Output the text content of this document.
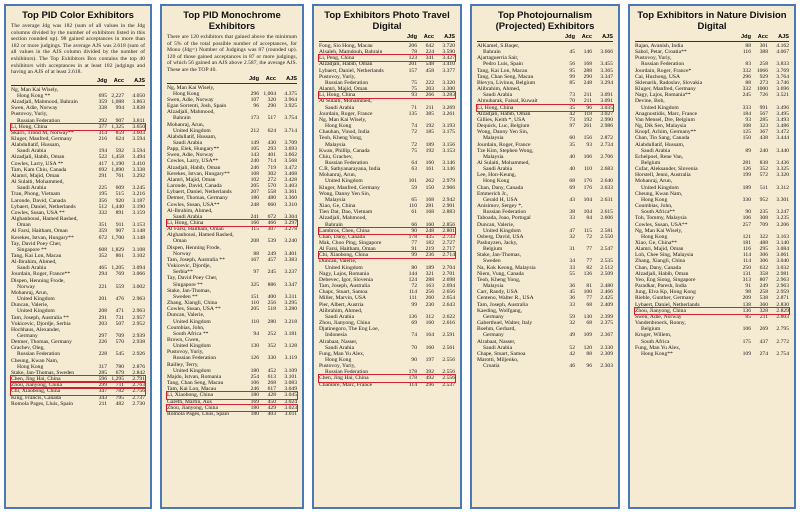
Top PID Color Exhibitors
The average Jdg was 182 (sum of all values in the Jdg columns divided by the number of exhibitors listed in this section rounded up). 98 gained acceptances in more than 182 or more judgings. The average AJS was 2.618 (sum of all values in the AJS column divided by the number of exhibitors). The Top Exhibitors Box contains the top 40 exhibitors with acceptances in at least 182 judgings and having an AJS of at least 2.618.
Jdg	Acc	AJS
Ng, Man Kai Wisely,
Hong Kong **	695 2,227	4.050
Alzadjali, Mahmood, Bahrain	359 1,088	3.863
Swen, Adie, Norway	338	994	3.838
Pustovoy, Yuriy,
Russian Federation	292	907	3.811
Li, Hong, China	377 1,325	3.650
Skarri, Trond M, Norway**	314	859	3.603
Kluger, Manfred, Germany	216	624	3.594
Alabdullatif, Hussam,
Saudi Arabia	194	592	3.594
Alzadjali, Habib, Oman	522 1,458	3.494
Cowles, Larry, USA **	417 1,190	3.410
Tam, Kam Chiu, Canada	692 1,890	3.338
Alamri, Majid, Oman	291	761	3.292
Al Sulaiti, Mohammed,
Saudi Arabia	225	609	3.245
Tran, Phong, Vietnam	195	515	3.216
Laronde, David, Canada	356	920	3.187
Lybaert, Daniel, Netherlands	512 1,440	3.190
Cowles, Susan, USA **	332	891	3.159
Alghanbousi, Hamed Rashed,
Oman	351	911	3.153
Al Farsi, Haitham, Oman	359	907	3.148
Kerekes, Istvan, Hungary**	672 1,700	3.148
Tay, David Poey Cher,
Singapore **	608 1,829	3.108
Tang, Kai Lon, Macau	352	861	3.102
Al-Ibrahim, Ahmed,
Saudi Arabia	465 1,205	3.094
Jourdain, Roger, France**	294	769	3.066
Dispen, Henning Frode,
Norway	221	559	3.002
Mohanraj, Arun,
United Kingdom	201	476	2.963
Duncan, Valerie,
United Kingdom	208	471	2.963
Tam, Joseph, Australia **	291	731	2.957
Vukicevic, Djordje, Serbia	203	507	2.952
Hochhaus, Alexander,
Germany	297	709	2.939
Detmer, Thomas, Germany	226	570	2.938
Grachev, Oleg,
Russian Federation	228	545	2.926
Cheung, Kwan Nam,
Hong Kong	317	780	2.876
Stake, Jan-Thomas, Sweden	285	679	2.842
Chen, Jing Hai, China	596 1,295	2.791
Zhou, Jianyong, China	299	711	2.763
Chi, Xiaobong, China	347	782	2.756
King, Francis, Canada	343	795	2.737
Romola Pages, Lluis, Spain	211	482	2.730
Top PID Monochrome Exhibitors
There are 120 exhibitors that gained above the minimum of 5% of the total possible number of acceptances, for Mono (Jdg=) Number of Judgings was 87 (rounded up). 120 of those gained acceptances in 87 or more judgings, of which 56 gained an AJS above 2.587, the average AJS. These are the TOP 40.
Jdg	Acc	AJS
Ng, Man Kai Wisely,
Hong Kong	296 1,004	4.375
Swen, Adie, Norway	107	320	3.964
Egan Sorrenti, Josh, Spain	96	290	3.925
Alzadjali, Mahmood,
Bahrain	173	517	3.754
Mohanraj, Arun,
United Kingdom	212	624	3.714
Alabdullatif, Hussam,
Saudi Arabia	149	430	3.709
Papp, Elek, Hungary**	105	293	3.693
Swen, Adie, Norway	143	401	3.662
Cowles, Larry, USA**	240	714	3.568
Alzadjali, Habib, Oman	246	719	3.472
Kerekes, Istvan, Hungary**	108	302	3.468
Alamri, Majid, Oman	102	272	3.428
Laronde, David, Canada	205	570	3.403
Lybaert, Daniel, Netherlands	207	558	3.361
Detmer, Thomas, Germany	180	480	3.360
Cowles, Susan, USA**	248	660	3.310
Al-Ibrahim, Ahmed,
Saudi Arabia	241	672	3.304
Li, Hong, China	166	466	3.297
Al Farsi, Haitham, Oman	115	307	3.278
Alghanbousi, Hamed Rashed,
Oman	208	539	3.240
Dispen, Henning Frode,
Norway	88	249	3.401
Tam, Joseph, Australia **	167	457	3.383
Vukicevic, Djordje,
Serbia**	97	245	3.237
Tay, David Poey Cher,
Singapore **	325	886	3.347
Stake, Jan-Thomas,
Sweden **	151	400	3.311
Zhang, Xiangli, China	110	256	3.295
Cowles, Susan, USA **	205	518	3.280
Duncan, Valerie,
United Kingdom	110	280	3.218
Coumbias, John,
South Africa **	94	252	3.181
Brown, Gwen,
United Kingdom	130	352	3.128
Pustovoy, Yuriy,
Russian Federation	126	330	3.119
Railley, Terry,
United Kingdom	180	452	3.109
Majdo, Istvan, Romania	254	613	3.101
Tang, Chan Seng, Macau	106	268	3.083
Tam, Kai Lon, Macau	246	617	3.049
Li, Xiaobong, China	180	428	3.045
Gareth, Martin, Aus	169	450	3.024
Zhou, Jianyong, China	180	429	3.023
Romola Pages, Lluis, Spain	180	403	3.011
Top Exhibitors Photo Travel Digital
Jdg	Acc	AJS
Fong, Sio Hong, Macau	206	642	3.720
Alsaleh, Mamdouh, Bahrain	78	224	3.590
Li, Peng, China	123	341	3.427
Alzadjali, Habib, Oman	201	548	3.410
Lybaert, Daniel, Netherlands	157	458	3.377
Pustovoy, Yuriy,
Russian Federation	75	222	3.320
Alamri, Majid, Oman	75	203	3.300
Li, Hong, China	93	266	3.283
Al Sulaiti, Mohammed,
Saudi Arabia	71	211	3.269
Jourdain, Roger, France	135	385	3.261
Ng, Man Kai Wisely,
Hong Kong	74	192	3.193
Chauhan, Vinod, India	72	185	3.175
Teoh, Kheng Yong,
Malaysia	72	189	3.156
Kwan, Phillip, Canada	75	192	3.153
Chiu, Grachev,
Russian Federation	64	160	3.146
C.R, Sathyanarayana, India	63	161	3.146
Mohanraj, Arun,
United Kingdom	101	262	2.979
Kluger, Manfred, Germany	59	150	2.966
Wong, Danny Yen Sin,
Malaysia	65	168	2.942
Xiao, Ge, China	110	281	2.901
Tien Dat, Dao, Vietnam	61	168	2.883
Alzadjali, Mahmood,
Bahrain	66	160	2.856
Lambros, Chen, China	90	248	2.801
Chan, Dany, Canada	178	435	2.733
Mak, Choo Ping, Singapore	77	182	2.727
Al Farsi, Haitham, Oman	91	219	2.717
Chi, Xiaobong, China	99	236	2.714
Duncan, Valerie,
United Kingdom	80	189	2.704
Nagy, Lajos, Romania	144	321	2.701
Debevec, Igor, Slovenia	124	288	2.698
Tam, Joseph, Australia	72	163	2.694
Chapc, Stuart, Samoa	114	256	2.656
Miller, Marvin, USA	111	260	2.654
Pier, Albert, Austria	99	230	2.643
Alibrahim, Ahmed,
Saudi Arabia	136	312	2.622
Zhou, Jianyong, China	69	160	2.616
Djatinegoro, The Eng Loe,
Indonesia	74	164	2.591
Alrabaat, Nasser,
Saudi Arabia	70	160	2.561
Fung, Man Yu Alex,
Hong Kong	90	197	2.556
Pustovoy, Yuriy,
Russian Federation	178	392	2.556
Chen, Jing Hai, China	178	492	2.556
Chambre, Marc, France	114	296	2.537
Top Photojournalism (Projected) Exhibitors
Jdg	Acc	AJS
AlKamel, S.Baqer,
Bahrain	45	146	3.666
Ajartaguerria Sair,
Pedro Luis, Spain	56	168	3.455
Tang, Kai Lon, Macau	95	288	3.365
Tang, Chan Seng, Macau	99	290	3.347
Blevyn, Livinus, Belgium	85	248	3.294
Alibrahim, Ahmed,
Saudi Arabia	73	211	3.091
Almubarak, Faisal, Kuwait	70	211	3.091
Li, Hong, China	35	96	3.035
Alzadjali, Habib, Oman	42	118	3.027
Gillies, Keith *, USA	73	192	2.990
Dequick, Luc, Belgium	97	261	2.986
Wong, Danny Yen Sin,
Malaysia	60	156	2.872
Jourdain, Roger, France	35	93	2.734
Tze Kim, Stephen Wong,
Malaysia	40	106	2.706
Al Sulaiti, Mohammed,
Saudi Arabia	40	110	2.683
Lee, Hon-Keung,
Hong Kong	68	176	2.640
Chan, Dany, Canada	69	176	2.633
Emmerich Jr.,
Gerald H, USA	43	104	2.631
Anisimov, Sergey *,
Russian Federation	38	104	2.615
Taboada, Joao, Portugal	33	84	2.606
Duncan, Valerie,
United Kingdom	47	115	2.581
Osberg, David, USA	32	72	2.550
Pashuyzen, Jacky,
Belgium	31	77	2.547
Stake, Jan-Thomas,
Sweden	34	77	2.535
Na, Kok Keong, Malaysia	33	82	2.512
Niem, Vung, Canada	55	136	2.509
Teoh, Kheng Yong,
Malaysia	36	81	2.480
Carr, Randy, USA	45	100	2.466
Centeno, Walter R., USA	36	77	2.425
Tam, Joseph, Australia	33	68	2.409
Kaeding, Wolfgang,
Germany	59	130	2.399
Gaberthuel, Walter, Italy	32	68	2.375
Boehm, Gerhard,
Germany	49	109	2.367
Alrabaat, Nasser,
Saudi Arabia	52	120	2.330
Chape, Stuart, Samoa	42	88	2.309
Marotti, Miljenko,
Croatia	46	96	2.303
Top Exhibitors in Nature Division Digital
Jdg	Acc	AJS
Rajan, Avanish, India	88	301	4.162
Sabol, Petar, Croatia**	116	388	4.067
Pustovoy, Yuriy,
Russian Federation	83	258	3.833
Jourdain, Roger, France*	332	1066	3.769
Cai, Huzhong, USA	296	929	3.764
Sklenarik, Radoslav, Slovakia	88	273	3.746
Kluger, Manfred, Germany	332	1000	3.696
Nagy, Lajos, Romania**	245	726	3.521
Devine, Bob,
United Kingdom	333	991	3.496
Anagnostidis, Marc, France	184	567	3.495
Van Mensel, Dre, Belgium	93	285	3.493
Ng, Dik Sen, Malaysia	108	323	3.486
Knopf, Achim, Germany**	125	367	3.472
Chan, Tin Sang, Canada	150	438	3.444
Alabdullatif, Hussam,
Saudi Arabia	89	240	3.440
Echelpoel, Rene Van,
Belgium	281	838	3.436
Cufar, Aleksander, Slovenia	126	352	3.325
Horstell, Jenni, Australia	199	572	3.320
Mohanraj, Arun,
United Kingdom	189	511	3.312
Cheung, Kwan Nam,
Hong Kong	330	952	3.301
Coumbias, John,
South Africa**	90	235	3.247
Toh, Tommy, Malaysia	106	308	3.235
Cowles, Susan, USA**	257	709	3.206
Ng, Man Kai Wisely,
Hong Kong	121	322	3.163
Xiao, Ge, China**	181	488	3.140
Alamri, Majid, Oman	116	295	3.084
Loh, Chee Sing, Malaysia	114	306	3.061
Zhang, Xiangli, China	114	306	3.040
Chan, Dany, Canada	250	632	3.032
Alzadjali, Habib, Oman	131	358	2.981
Yeo, Eng Siong, Singapore	313	807	2.963
Paradkar, Paresh, India	91	249	2.963
Jung, Elva Kp, Hong Kong	98	258	2.959
Rieble, Gunther, Germany	209	538	2.871
Lybaert, Daniel, Netherlands	138	360	2.830
Zhou, Jianyong, China	136	328	2.829
Swen, Adie, Norway	85	211	2.803
Vandenbroeck, Ronny,
Belgium	106	269	2.795
Kruger, Willem,
South Africa	175	437	2.772
Fung, Man Yu Alex,
Hong Kong**	109	274	2.754
